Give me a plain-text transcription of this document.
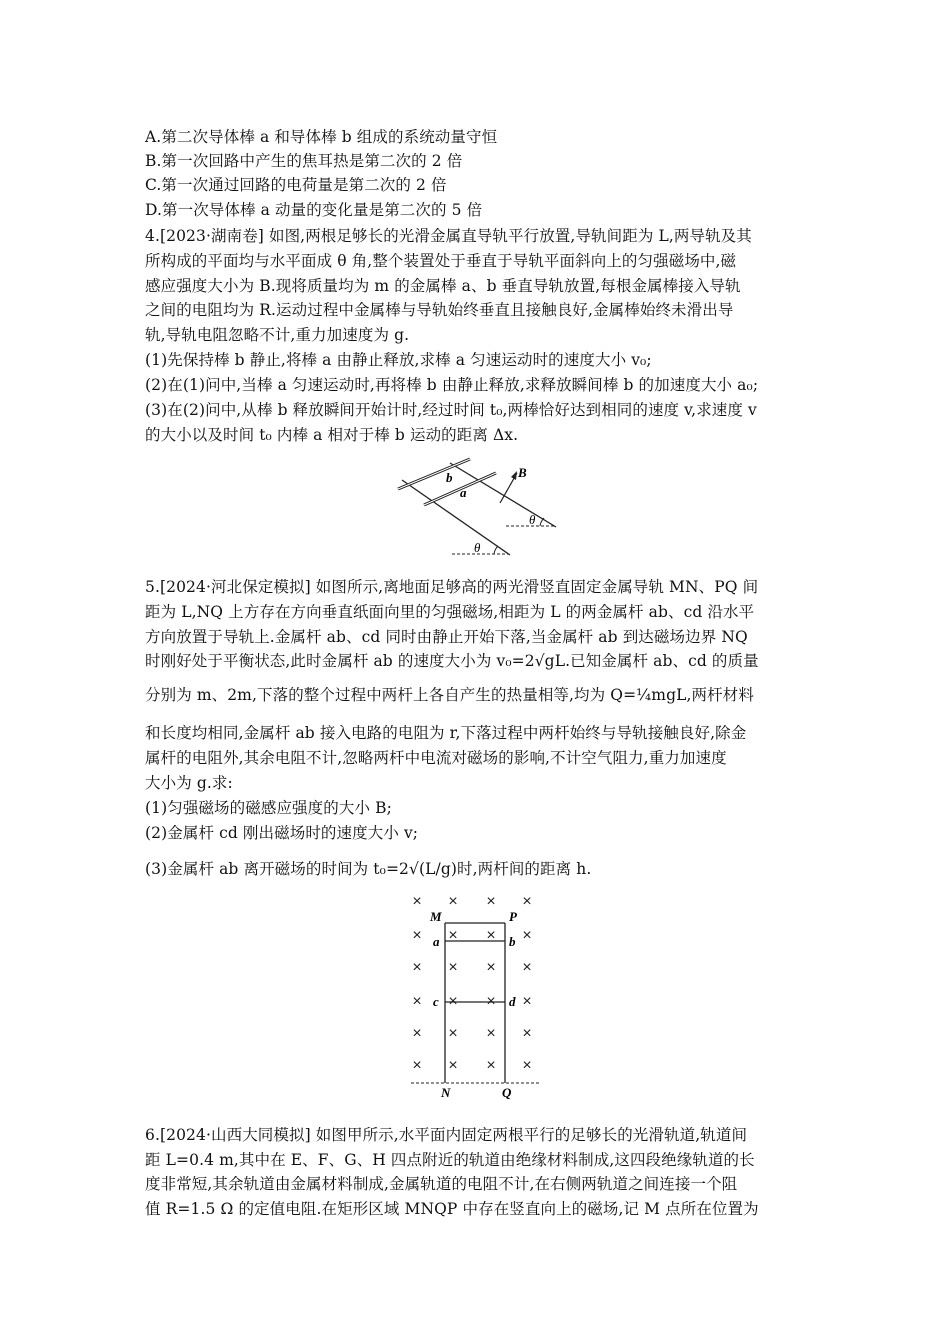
A.第二次导体棒 a 和导体棒 b 组成的系统动量守恒
B.第一次回路中产生的焦耳热是第二次的 2 倍
C.第一次通过回路的电荷量是第二次的 2 倍
D.第一次导体棒 a 动量的变化量是第二次的 5 倍
4.[2023·湖南卷] 如图,两根足够长的光滑金属直导轨平行放置,导轨间距为 L,两导轨及其
所构成的平面均与水平面成 θ 角,整个装置处于垂直于导轨平面斜向上的匀强磁场中,磁
感应强度大小为 B.现将质量均为 m 的金属棒 a、b 垂直导轨放置,每根金属棒接入导轨
之间的电阻均为 R.运动过程中金属棒与导轨始终垂直且接触良好,金属棒始终未滑出导
轨,导轨电阻忽略不计,重力加速度为 g.
(1)先保持棒 b 静止,将棒 a 由静止释放,求棒 a 匀速运动时的速度大小 v₀;
(2)在(1)问中,当棒 a 匀速运动时,再将棒 b 由静止释放,求释放瞬间棒 b 的加速度大小 a₀;
(3)在(2)问中,从棒 b 释放瞬间开始计时,经过时间 t₀,两棒恰好达到相同的速度 v,求速度 v
的大小以及时间 t₀ 内棒 a 相对于棒 b 运动的距离 Δx.
b
a
B
θ
θ
5.[2024·河北保定模拟] 如图所示,离地面足够高的两光滑竖直固定金属导轨 MN、PQ 间
距为 L,NQ 上方存在方向垂直纸面向里的匀强磁场,相距为 L 的两金属杆 ab、cd 沿水平
方向放置于导轨上.金属杆 ab、cd 同时由静止开始下落,当金属杆 ab 到达磁场边界 NQ
时刚好处于平衡状态,此时金属杆 ab 的速度大小为 v₀=2√gL.已知金属杆 ab、cd 的质量
分别为 m、2m,下落的整个过程中两杆上各自产生的热量相等,均为 Q=¼mgL,两杆材料
和长度均相同,金属杆 ab 接入电路的电阻为 r,下落过程中两杆始终与导轨接触良好,除金
属杆的电阻外,其余电阻不计,忽略两杆中电流对磁场的影响,不计空气阻力,重力加速度
大小为 g.求:
(1)匀强磁场的磁感应强度的大小 B;
(2)金属杆 cd 刚出磁场时的速度大小 v;
(3)金属杆 ab 离开磁场的时间为 t₀=2√(L/g)时,两杆间的距离 h.
× × × ×
× × × ×
× × × ×
× × × ×
× × × ×
× × × ×
M	P
a	b
c	d
N	Q
6.[2024·山西大同模拟] 如图甲所示,水平面内固定两根平行的足够长的光滑轨道,轨道间
距 L=0.4 m,其中在 E、F、G、H 四点附近的轨道由绝缘材料制成,这四段绝缘轨道的长
度非常短,其余轨道由金属材料制成,金属轨道的电阻不计,在右侧两轨道之间连接一个阻
值 R=1.5 Ω 的定值电阻.在矩形区域 MNQP 中存在竖直向上的磁场,记 M 点所在位置为
